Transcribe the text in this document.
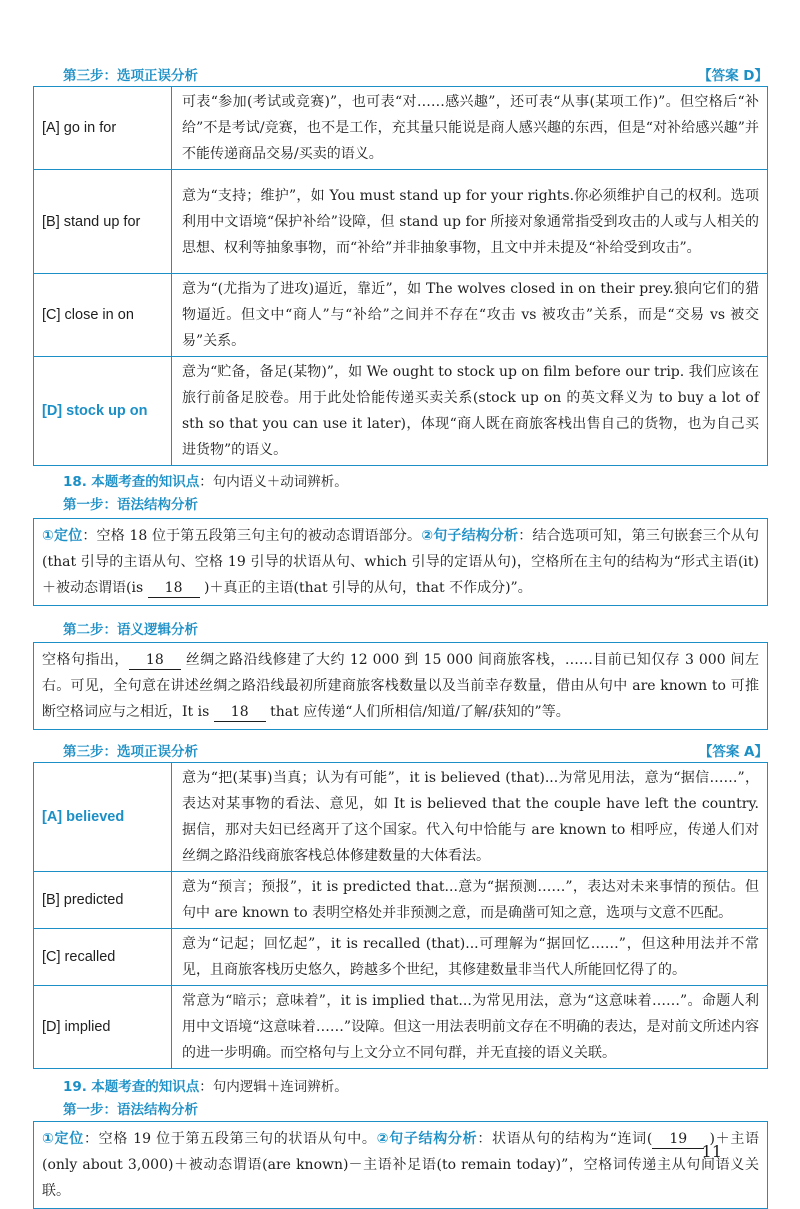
第三步：选项正误分析	【答案 D】
[A] go in for	可表“参加(考试或竞赛)”，也可表“对……感兴趣”，还可表“从事(某项工作)”。但空格后“补给”不是考试/竞赛，也不是工作，充其量只能说是商人感兴趣的东西，但是“对补给感兴趣”并不能传递商品交易/买卖的语义。
[B] stand up for	意为“支持；维护”，如 You must stand up for your rights.你必须维护自己的权利。选项利用中文语境“保护补给”设障，但 stand up for 所接对象通常指受到攻击的人或与人相关的思想、权利等抽象事物，而“补给”并非抽象事物，且文中并未提及“补给受到攻击”。
[C] close in on	意为“(尤指为了进攻)逼近，靠近”，如 The wolves closed in on their prey.狼向它们的猎物逼近。但文中“商人”与“补给”之间并不存在“攻击 vs 被攻击”关系，而是“交易 vs 被交易”关系。
[D] stock up on	意为“贮备，备足(某物)”，如 We ought to stock up on film before our trip. 我们应该在旅行前备足胶卷。用于此处恰能传递买卖关系(stock up on 的英文释义为 to buy a lot of sth so that you can use it later)，体现“商人既在商旅客栈出售自己的货物，也为自己买进货物”的语义。
18. 本题考查的知识点：句内语义＋动词辨析。
第一步：语法结构分析
①定位：空格 18 位于第五段第三句主句的被动态谓语部分。②句子结构分析：结合选项可知，第三句嵌套三个从句(that 引导的主语从句、空格 19 引导的状语从句、which 引导的定语从句)，空格所在主句的结构为“形式主语(it)＋被动态谓语(is 18 )＋真正的主语(that 引导的从句，that 不作成分)”。
第二步：语义逻辑分析
空格句指出， 18 丝绸之路沿线修建了大约 12 000 到 15 000 间商旅客栈，……目前已知仅存 3 000 间左右。可见，全句意在讲述丝绸之路沿线最初所建商旅客栈数量以及当前幸存数量，借由从句中 are known to 可推断空格词应与之相近，It is 18 that 应传递“人们所相信/知道/了解/获知的”等。
第三步：选项正误分析	【答案 A】
[A] believed	意为“把(某事)当真；认为有可能”，it is believed (that)...为常见用法，意为“据信……”，表达对某事物的看法、意见，如 It is believed that the couple have left the country. 据信，那对夫妇已经离开了这个国家。代入句中恰能与 are known to 相呼应，传递人们对丝绸之路沿线商旅客栈总体修建数量的大体看法。
[B] predicted	意为“预言；预报”，it is predicted that...意为“据预测……”，表达对未来事情的预估。但句中 are known to 表明空格处并非预测之意，而是确凿可知之意，选项与文意不匹配。
[C] recalled	意为“记起；回忆起”，it is recalled (that)...可理解为“据回忆……”，但这种用法并不常见，且商旅客栈历史悠久，跨越多个世纪，其修建数量非当代人所能回忆得了的。
[D] implied	常意为“暗示；意味着”，it is implied that...为常见用法，意为“这意味着……”。命题人利用中文语境“这意味着……”设障。但这一用法表明前文存在不明确的表达，是对前文所述内容的进一步明确。而空格句与上文分立不同句群，并无直接的语义关联。
19. 本题考查的知识点：句内逻辑＋连词辨析。
第一步：语法结构分析
①定位：空格 19 位于第五段第三句的状语从句中。②句子结构分析：状语从句的结构为“连词( 19 )＋主语(only about 3,000)＋被动态谓语(are known)－主语补足语(to remain today)”，空格词传递主从句间语义关联。
11
